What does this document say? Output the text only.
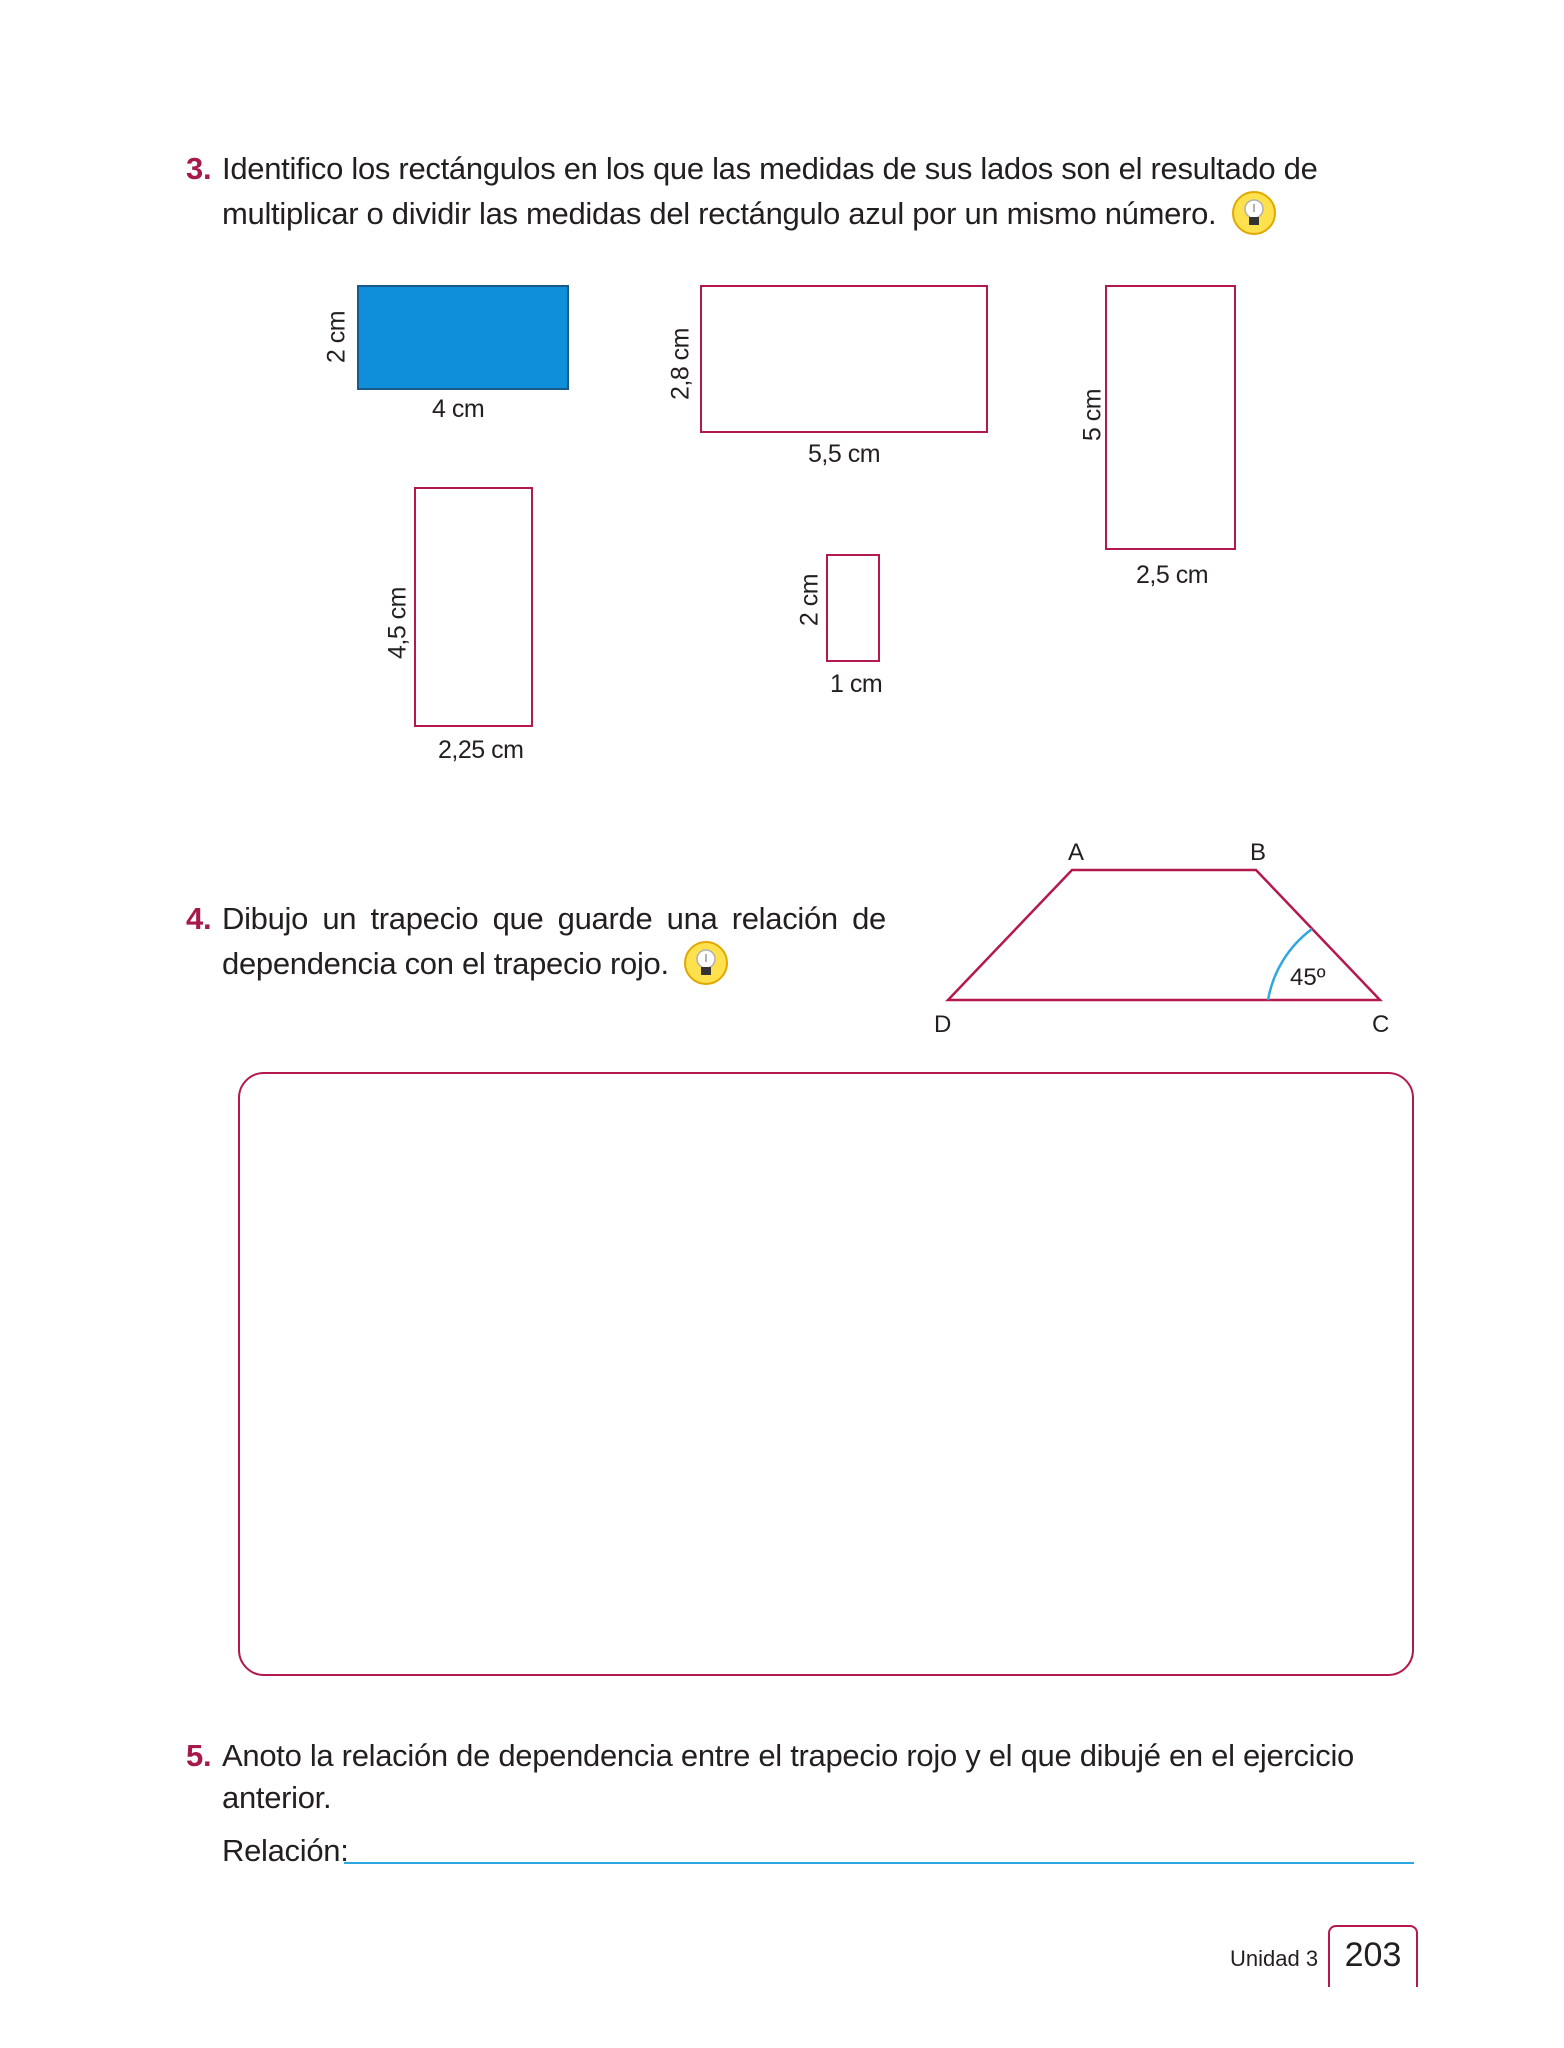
3. Identifico los rectángulos en los que las medidas de sus lados son el resultado de multiplicar o dividir las medidas del rectángulo azul por un mismo número.
4 cm
2 cm
5,5 cm
2,8 cm
2,5 cm
5 cm
2,25 cm
4,5 cm
1 cm
2 cm
4. Dibujo un trapecio que guarde una relación de dependencia con el trapecio rojo.
A	B
C
D
45º
5. Anoto la relación de dependencia entre el trapecio rojo y el que dibujé en el ejercicio anterior.
Relación:
Unidad 3 203
